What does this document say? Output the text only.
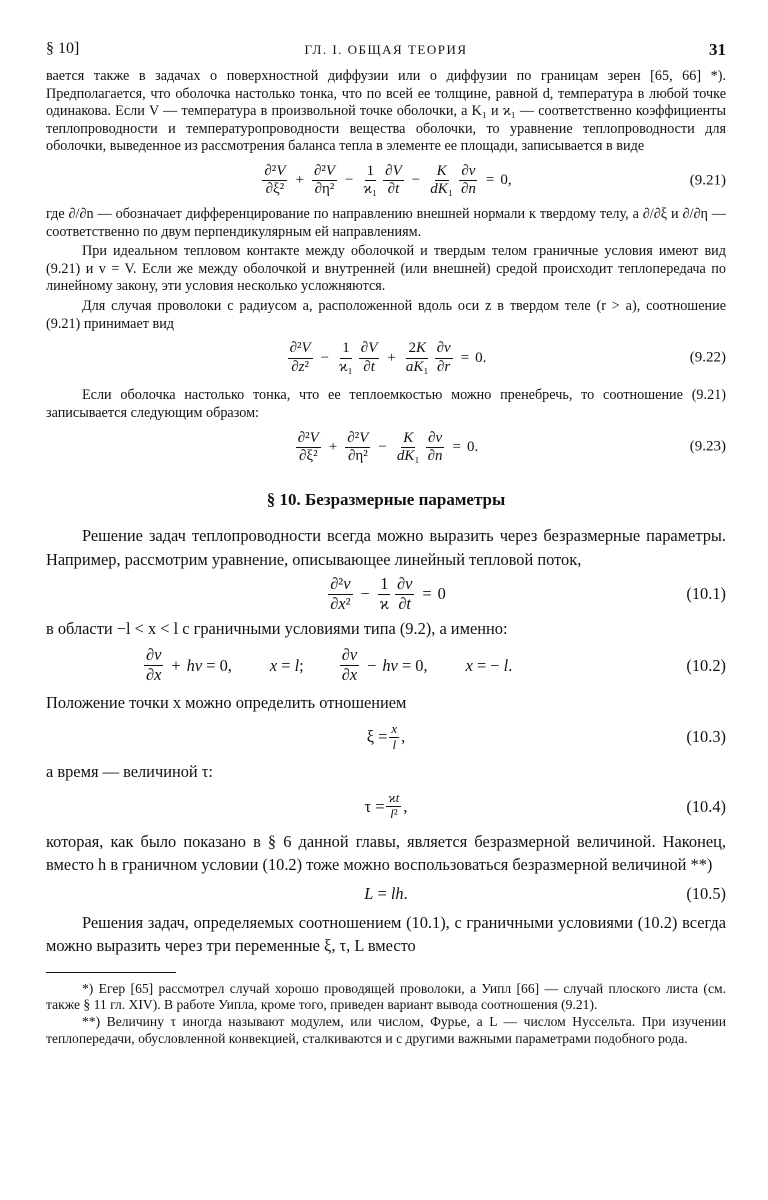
§ 10]	ГЛ. I. ОБЩАЯ ТЕОРИЯ	31

вается также в задачах о поверхностной диффузии или о диффузии по границам зерен [65, 66] *). Предполагается, что оболочка настолько тонка, что по всей ее толщине, равной d, температура в любой точке одинакова. Если V — температура в произвольной точке оболочки, а K₁ и ϰ₁ — соответственно коэффициенты теплопроводности и температуропроводности вещества оболочки, то уравнение теплопроводности для оболочки, выведенное из рассмотрения баланса тепла в элементе ее площади, записывается в виде

$\frac{\text{∂²V}}{\text{∂ξ²}} + \frac{\text{∂²V}}{\text{∂η²}} - \frac{1}{\text{ϰ₁}} \frac{\partial V}{\partial t} - \frac{K}{\text{dK₁}} \frac{\partial v}{\partial n} = 0$,	(9.21)

где ∂/∂n — обозначает дифференцирование по направлению внешней нормали к твердому телу, а ∂/∂ξ и ∂/∂η — соответственно по двум перпендикулярным ей направлениям.

При идеальном тепловом контакте между оболочкой и твердым телом граничные условия имеют вид (9.21) и v = V. Если же между оболочкой и внутренней (или внешней) средой происходит теплопередача по линейному закону, эти условия несколько усложняются.

Для случая проволоки с радиусом a, расположенной вдоль оси z в твердом теле (r > a), соотношение (9.21) принимает вид

$\frac{\text{∂²V}}{\text{∂z²}} - \frac{1}{\text{ϰ₁}} \frac{\partial V}{\partial t} + \frac{2K}{\text{aK₁}} \frac{\partial v}{\partial r} = 0$.	(9.22)

Если оболочка настолько тонка, что ее теплоемкостью можно пренебречь, то соотношение (9.21) записывается следующим образом:

$\frac{\text{∂²V}}{\text{∂ξ²}} + \frac{\text{∂²V}}{\text{∂η²}} - \frac{K}{\text{dK₁}} \frac{\partial v}{\partial n} = 0$.	(9.23)
§ 10. Безразмерные параметры

Решение задач теплопроводности всегда можно выразить через безразмерные параметры. Например, рассмотрим уравнение, описывающее линейный тепловой поток,

$\frac{\text{∂²v}}{\text{∂x²}} - \frac{1}{ϰ} \frac{\partial v}{\partial t} = 0$	(10.1)

в области −l < x < l с граничными условиями типа (9.2), а именно:

$\frac{\partial v}{\partial x}$ + hv = 0, x = l; $\frac{\partial v}{\partial x}$ − hv = 0, x = − l.	(10.2)

Положение точки x можно определить отношением

$\xi = \frac{x}{l}$ ,	(10.3)

а время — величиной τ:

$\tau = \frac{ϰt}{\text{l²}}$ ,	(10.4)

которая, как было показано в § 6 данной главы, является безразмерной величиной. Наконец, вместо h в граничном условии (10.2) тоже можно воспользоваться безразмерной величиной **)

L = lh.	(10.5)

Решения задач, определяемых соотношением (10.1), с граничными условиями (10.2) всегда можно выразить через три переменные ξ, τ, L вместо

*) Егер [65] рассмотрел случай хорошо проводящей проволоки, а Уипл [66] — случай плоского листа (см. также § 11 гл. XIV). В работе Уипла, кроме того, приведен вариант вывода соотношения (9.21).

**) Величину τ иногда называют модулем, или числом, Фурье, а L — числом Нуссельта. При изучении теплопередачи, обусловленной конвекцией, сталкиваются и с другими важными параметрами подобного рода.
